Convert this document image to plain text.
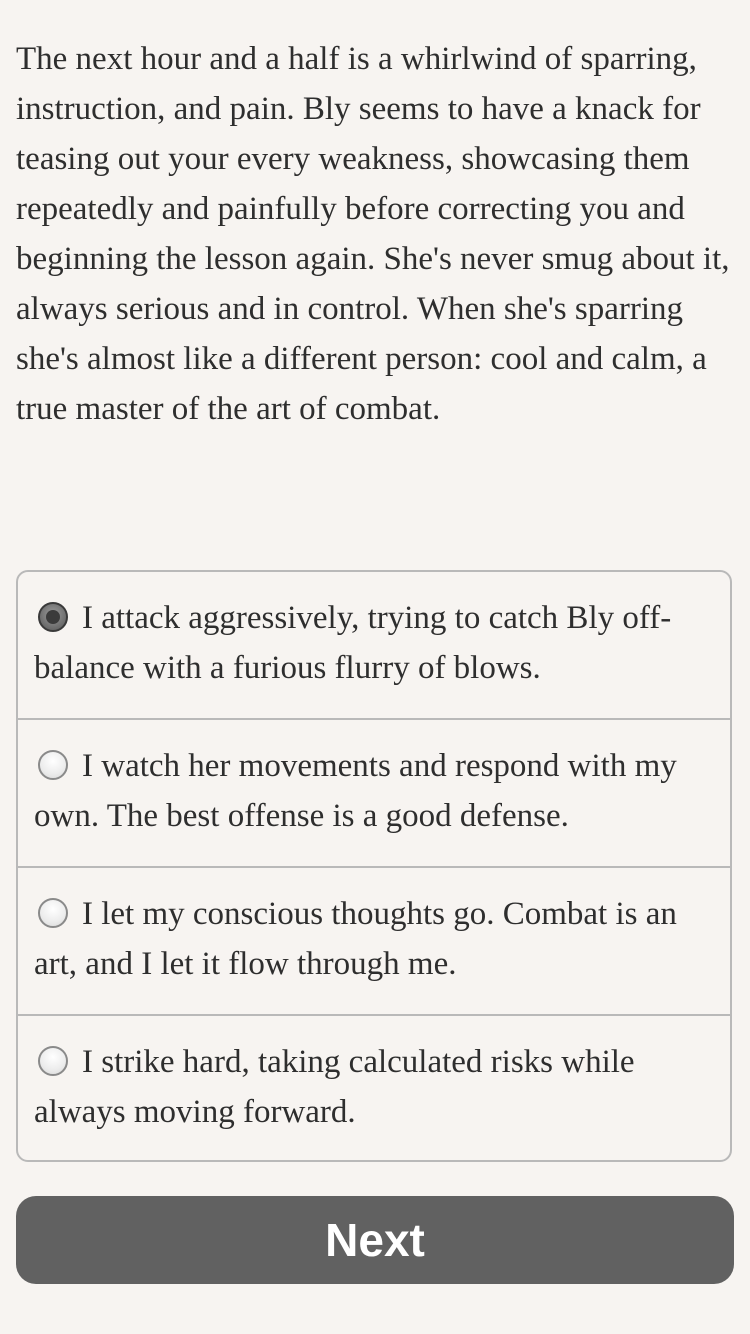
The next hour and a half is a whirlwind of sparring, instruction, and pain. Bly seems to have a knack for teasing out your every weakness, showcasing them repeatedly and painfully before correcting you and beginning the lesson again. She's never smug about it, always serious and in control. When she's sparring she's almost like a different person: cool and calm, a true master of the art of combat.

I attack aggressively, trying to catch Bly off-balance with a furious flurry of blows.
I watch her movements and respond with my own. The best offense is a good defense.
I let my conscious thoughts go. Combat is an art, and I let it flow through me.
I strike hard, taking calculated risks while always moving forward.
Next
